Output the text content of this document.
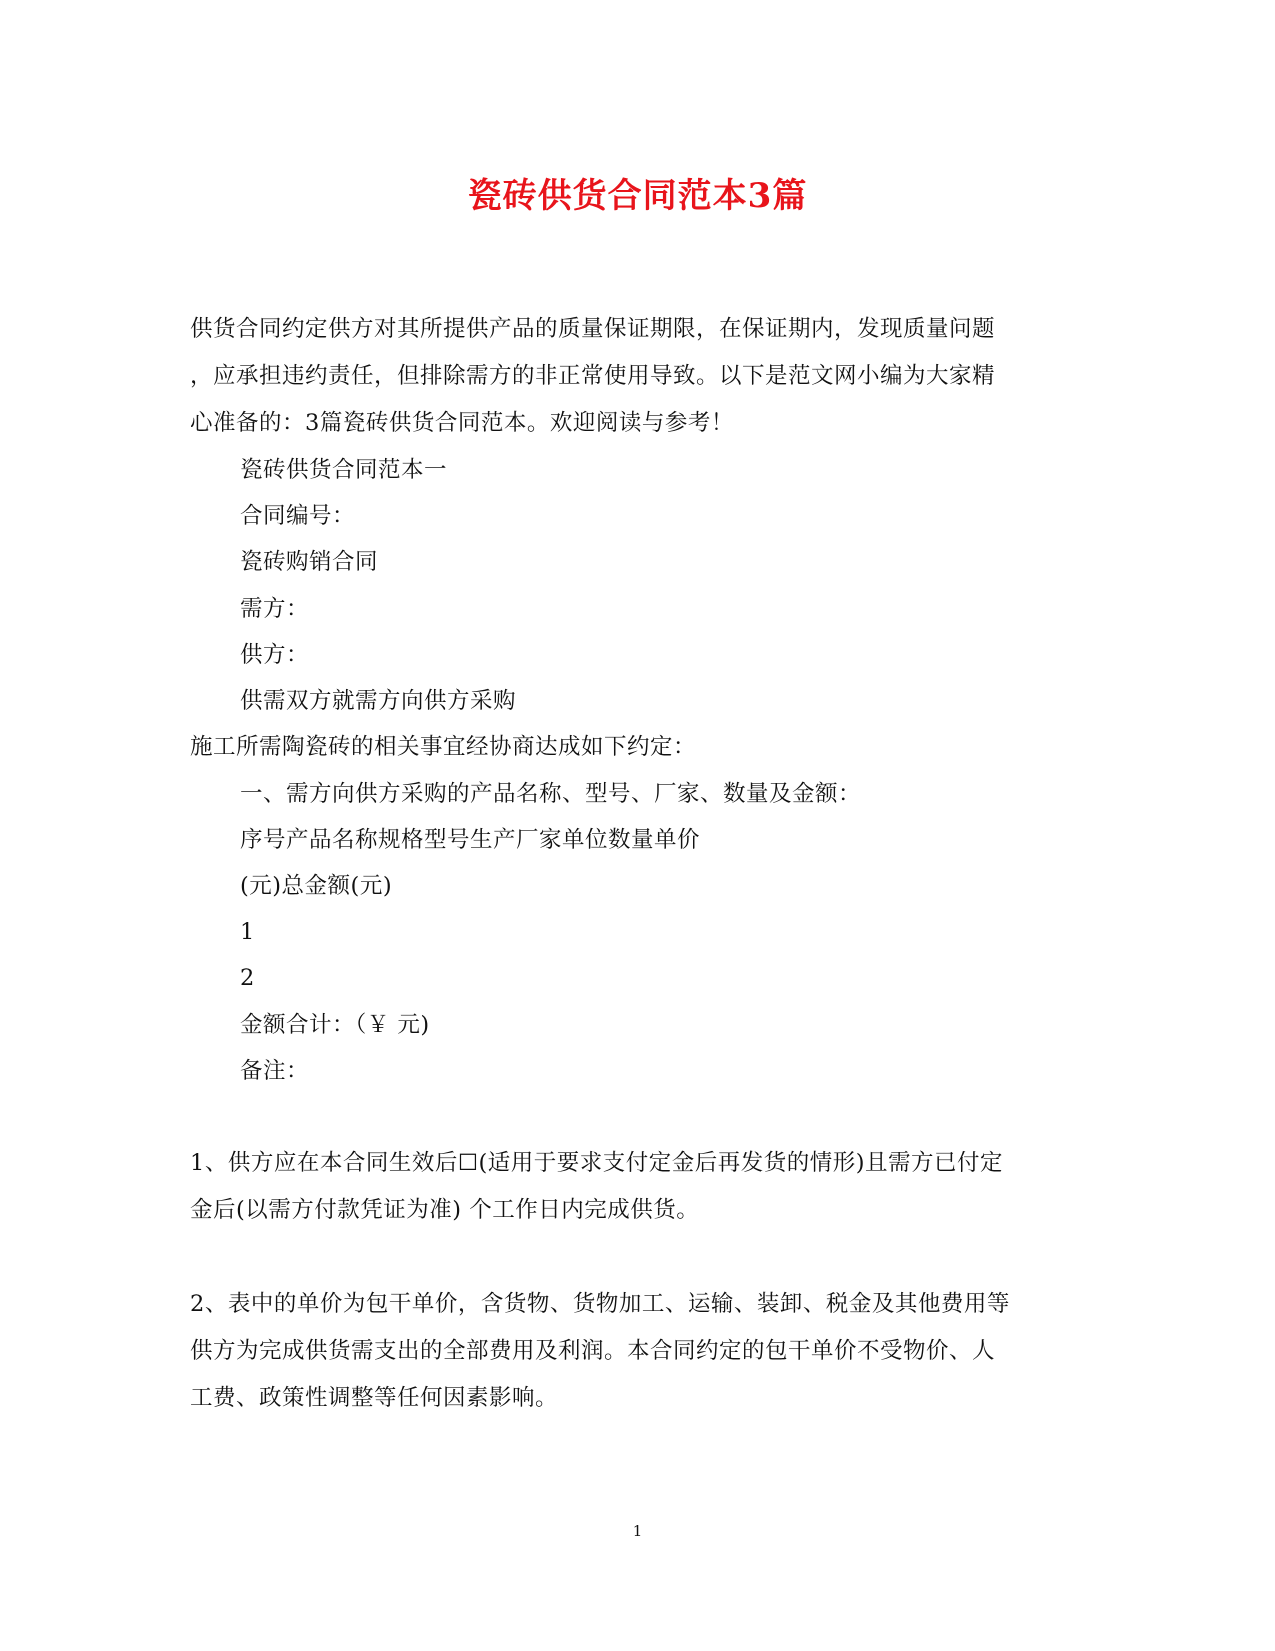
瓷砖供货合同范本3篇
供货合同约定供方对其所提供产品的质量保证期限，在保证期内，发现质量问题
，应承担违约责任，但排除需方的非正常使用导致。以下是范文网小编为大家精
心准备的：3篇瓷砖供货合同范本。欢迎阅读与参考！
瓷砖供货合同范本一
合同编号：
瓷砖购销合同
需方：
供方：
供需双方就需方向供方采购
施工所需陶瓷砖的相关事宜经协商达成如下约定：
一、需方向供方采购的产品名称、型号、厂家、数量及金额：
序号产品名称规格型号生产厂家单位数量单价
(元)总金额(元)
1
2
金额合计：（￥ 元)
备注：
1、供方应在本合同生效后☐(适用于要求支付定金后再发货的情形)且需方已付定
金后(以需方付款凭证为准) 个工作日内完成供货。
2、表中的单价为包干单价，含货物、货物加工、运输、装卸、税金及其他费用等
供方为完成供货需支出的全部费用及利润。本合同约定的包干单价不受物价、人
工费、政策性调整等任何因素影响。
1
